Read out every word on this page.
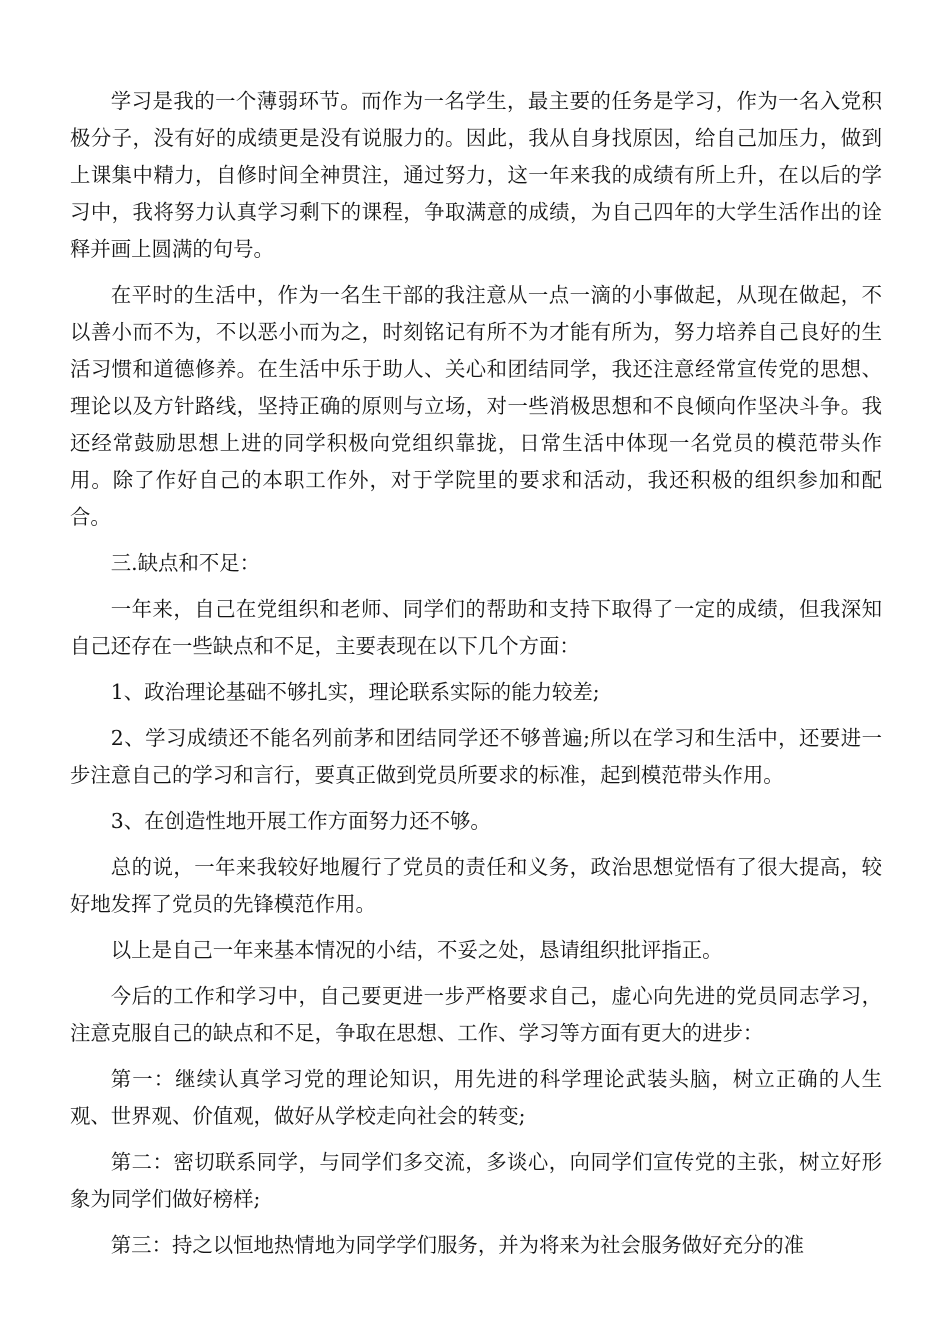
学习是我的一个薄弱环节。而作为一名学生，最主要的任务是学习，作为一名入党积极分子，没有好的成绩更是没有说服力的。因此，我从自身找原因，给自己加压力，做到上课集中精力，自修时间全神贯注，通过努力，这一年来我的成绩有所上升，在以后的学习中，我将努力认真学习剩下的课程，争取满意的成绩，为自己四年的大学生活作出的诠释并画上圆满的句号。

在平时的生活中，作为一名生干部的我注意从一点一滴的小事做起，从现在做起，不以善小而不为，不以恶小而为之，时刻铭记有所不为才能有所为，努力培养自己良好的生活习惯和道德修养。在生活中乐于助人、关心和团结同学，我还注意经常宣传党的思想、理论以及方针路线，坚持正确的原则与立场，对一些消极思想和不良倾向作坚决斗争。我还经常鼓励思想上进的同学积极向党组织靠拢，日常生活中体现一名党员的模范带头作用。除了作好自己的本职工作外，对于学院里的要求和活动，我还积极的组织参加和配合。

三.缺点和不足：

一年来，自己在党组织和老师、同学们的帮助和支持下取得了一定的成绩，但我深知自己还存在一些缺点和不足，主要表现在以下几个方面：

1、政治理论基础不够扎实，理论联系实际的能力较差;

2、学习成绩还不能名列前茅和团结同学还不够普遍;所以在学习和生活中，还要进一步注意自己的学习和言行，要真正做到党员所要求的标准，起到模范带头作用。

3、在创造性地开展工作方面努力还不够。

总的说，一年来我较好地履行了党员的责任和义务，政治思想觉悟有了很大提高，较好地发挥了党员的先锋模范作用。

以上是自己一年来基本情况的小结，不妥之处，恳请组织批评指正。

今后的工作和学习中，自己要更进一步严格要求自己，虚心向先进的党员同志学习，注意克服自己的缺点和不足，争取在思想、工作、学习等方面有更大的进步：

第一：继续认真学习党的理论知识，用先进的科学理论武装头脑，树立正确的人生观、世界观、价值观，做好从学校走向社会的转变;

第二：密切联系同学，与同学们多交流，多谈心，向同学们宣传党的主张，树立好形象为同学们做好榜样;

第三：持之以恒地热情地为同学学们服务，并为将来为社会服务做好充分的准
